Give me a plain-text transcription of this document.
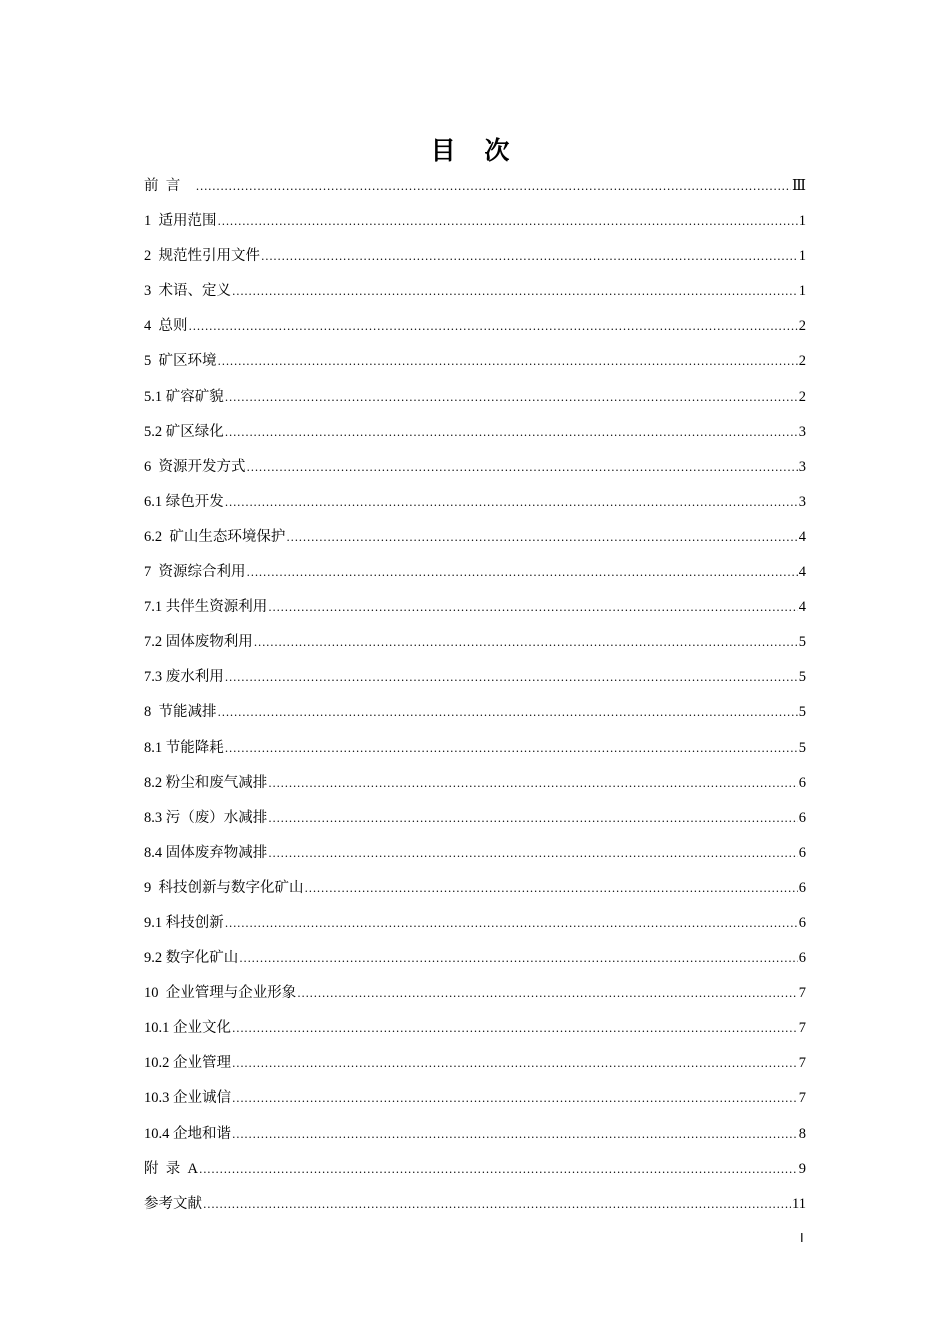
目 次
前  言 .....	Ⅲ
1  适用范围 .....	1
2  规范性引用文件 .....	1
3  术语、定义 .....	1
4  总则 .....	2
5  矿区环境 .....	2
5.1 矿容矿貌 .....	2
5.2 矿区绿化 .....	3
6  资源开发方式 .....	3
6.1 绿色开发 .....	3
6.2  矿山生态环境保护 .....	4
7  资源综合利用 .....	4
7.1 共伴生资源利用 .....	4
7.2 固体废物利用 .....	5
7.3 废水利用 .....	5
8  节能减排 .....	5
8.1 节能降耗 .....	5
8.2 粉尘和废气减排 .....	6
8.3 污（废）水减排 .....	6
8.4 固体废弃物减排 .....	6
9  科技创新与数字化矿山 .....	6
9.1 科技创新 .....	6
9.2 数字化矿山 .....	6
10  企业管理与企业形象 .....	7
10.1 企业文化 .....	7
10.2 企业管理 .....	7
10.3 企业诚信 .....	7
10.4 企地和谐 .....	8
附  录  A .....	9
参考文献 .....	11
I
